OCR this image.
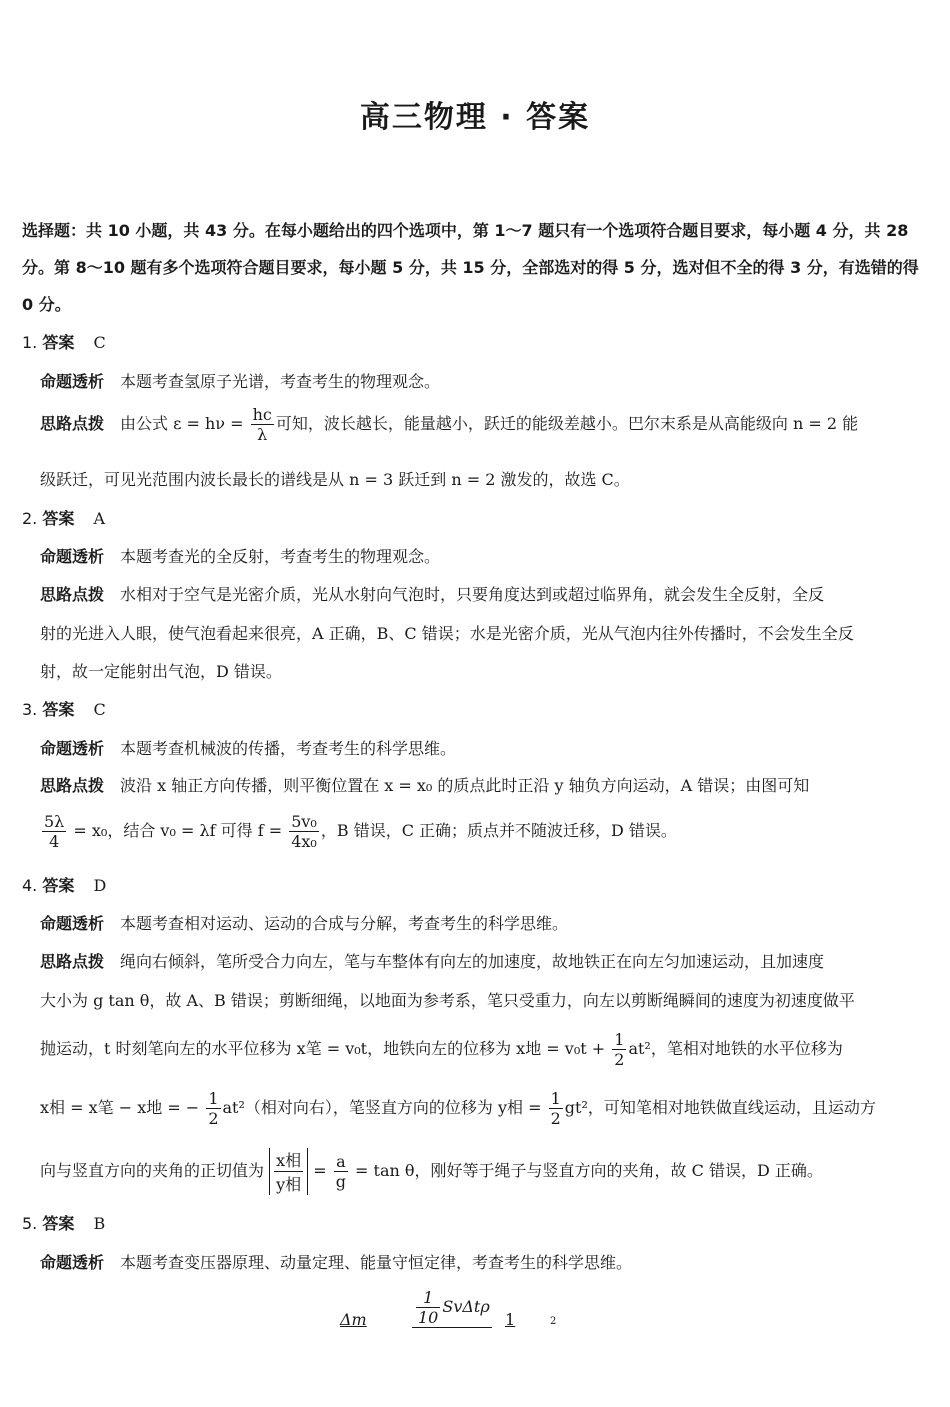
高三物理 · 答案
选择题：共 10 小题，共 43 分。在每小题给出的四个选项中，第 1～7 题只有一个选项符合题目要求，每小题 4 分，共 28 分。第 8～10 题有多个选项符合题目要求，每小题 5 分，共 15 分，全部选对的得 5 分，选对但不全的得 3 分，有选错的得 0 分。
1. 答案 C
命题透析 本题考查氢原子光谱，考查考生的物理观念。
思路点拨 由公式 $\varepsilon = h\nu = \frac{hc}{\lambda}$ 可知，波长越长，能量越小，跃迁的能级差越小。巴尔末系是从高能级向 n = 2 能
级跃迁，可见光范围内波长最长的谱线是从 n = 3 跃迁到 n = 2 激发的，故选 C。
2. 答案 A
命题透析 本题考查光的全反射，考查考生的物理观念。
思路点拨 水相对于空气是光密介质，光从水射向气泡时，只要角度达到或超过临界角，就会发生全反射，全反
射的光进入人眼，使气泡看起来很亮，A 正确，B、C 错误；水是光密介质，光从气泡内往外传播时，不会发生全反
射，故一定能射出气泡，D 错误。
3. 答案 C
命题透析 本题考查机械波的传播，考查考生的科学思维。
思路点拨 波沿 x 轴正方向传播，则平衡位置在 x = x₀ 的质点此时正沿 y 轴负方向运动，A 错误；由图可知
$\frac{5\lambda}{4} = x_0$，结合 v₀ = λf 可得 $f = \frac{\text{5v₀}}{\text{4x₀}}$ ，B 错误，C 正确；质点并不随波迁移，D 错误。
4. 答案 D
命题透析 本题考查相对运动、运动的合成与分解，考查考生的科学思维。
思路点拨 绳向右倾斜，笔所受合力向左，笔与车整体有向左的加速度，故地铁正在向左匀加速运动，且加速度
大小为 g tan θ，故 A、B 错误；剪断细绳，以地面为参考系，笔只受重力，向左以剪断绳瞬间的速度为初速度做平
抛运动，t 时刻笔向左的水平位移为 x笔 = v₀t，地铁向左的位移为 x地 = $v_0t + \frac{1}{2} at^2$，笔相对地铁的水平位移为
x相 = x笔 − x地 = − $\frac{1}{2} at^2$（相对向右），笔竖直方向的位移为 y相 = $\frac{1}{2} gt^2$，可知笔相对地铁做直线运动，且运动方
向与竖直方向的夹角的正切值为 $\frac{\text{x相}}{\text{y相}} = \frac{a}{g} = \tan \theta$，刚好等于绳子与竖直方向的夹角，故 C 错误，D 正确。
5. 答案 B
命题透析 本题考查变压器原理、动量定理、能量守恒定律，考查考生的科学思维。
Δm	$\frac{1}{10}$ SvΔtρ
1	2
